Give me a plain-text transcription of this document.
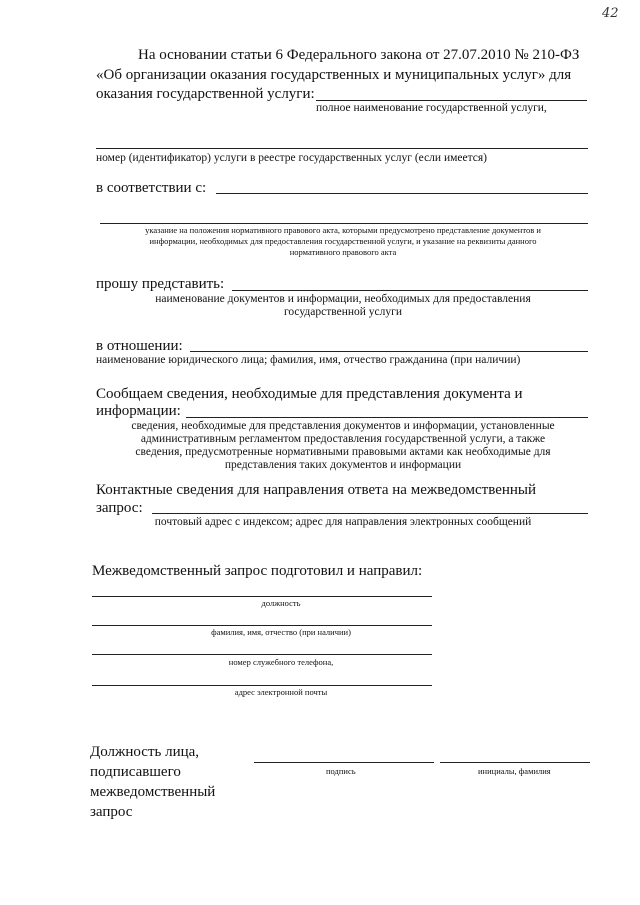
42
На основании статьи 6 Федерального закона от 27.07.2010 № 210-ФЗ
«Об организации оказания государственных и муниципальных услуг» для
оказания государственной услуги:
полное наименование государственной услуги,
номер (идентификатор) услуги в реестре государственных услуг (если имеется)
в соответствии с:
указание на положения нормативного правового акта, которыми предусмотрено представление документов и
информации, необходимых для предоставления государственной услуги, и указание на реквизиты данного
нормативного правового акта
прошу представить:
наименование документов и информации, необходимых для предоставления
государственной услуги
в отношении:
наименование юридического лица; фамилия, имя, отчество гражданина (при наличии)
Сообщаем сведения, необходимые для представления документа и
информации:
сведения, необходимые для представления документов и информации, установленные
административным регламентом предоставления государственной услуги, а также
сведения, предусмотренные нормативными правовыми актами как необходимые для
представления таких документов и информации
Контактные сведения для направления ответа на межведомственный
запрос:
почтовый адрес с индексом; адрес для направления электронных сообщений
Межведомственный запрос подготовил и направил:
должность
фамилия, имя, отчество (при наличии)
номер служебного телефона,
адрес электронной почты
Должность лица,
подписавшего
межведомственный
запрос
подпись	инициалы, фамилия
